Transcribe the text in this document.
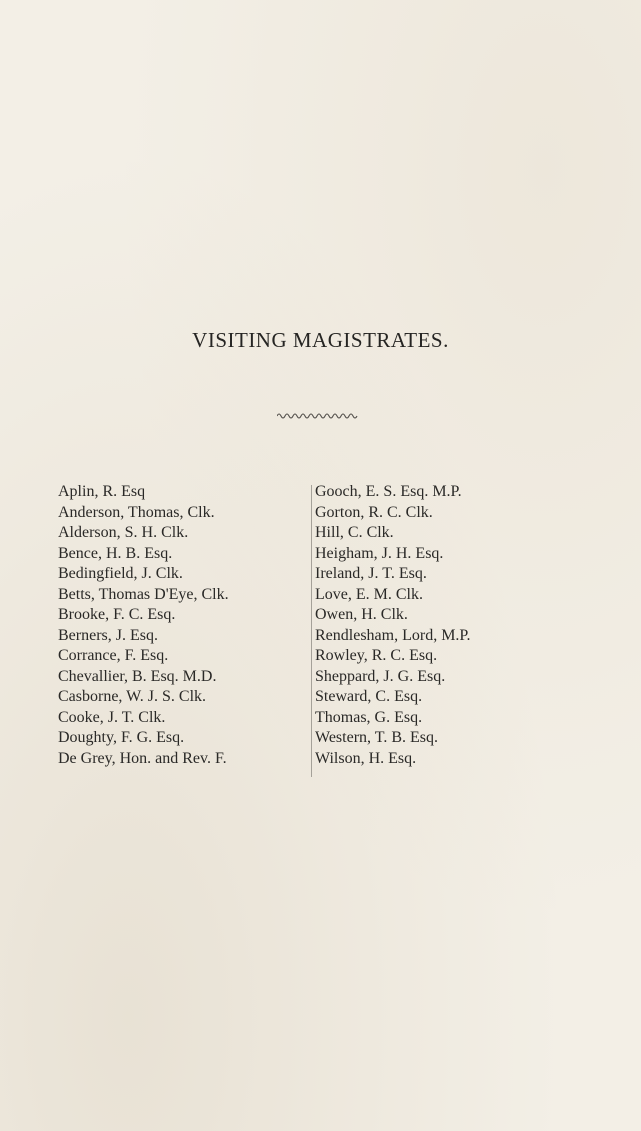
VISITING MAGISTRATES.
Aplin, R. Esq
Anderson, Thomas, Clk.
Alderson, S. H. Clk.
Bence, H. B. Esq.
Bedingfield, J. Clk.
Betts, Thomas D'Eye, Clk.
Brooke, F. C. Esq.
Berners, J. Esq.
Corrance, F. Esq.
Chevallier, B. Esq. M.D.
Casborne, W. J. S. Clk.
Cooke, J. T. Clk.
Doughty, F. G. Esq.
De Grey, Hon. and Rev. F.
Gooch, E. S. Esq. M.P.
Gorton, R. C. Clk.
Hill, C. Clk.
Heigham, J. H. Esq.
Ireland, J. T. Esq.
Love, E. M. Clk.
Owen, H. Clk.
Rendlesham, Lord, M.P.
Rowley, R. C. Esq.
Sheppard, J. G. Esq.
Steward, C. Esq.
Thomas, G. Esq.
Western, T. B. Esq.
Wilson, H. Esq.
